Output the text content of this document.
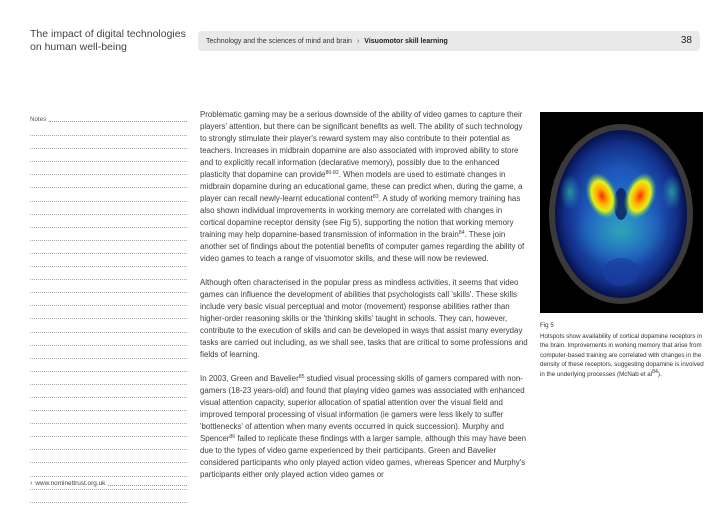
The impact of digital technologies on human well-being	Technology and the sciences of mind and brain › Visuomotor skill learning	38
Notes
› www.nominettrust.org.uk

Problematic gaming may be a serious downside of the ability of video games to capture their players' attention, but there can be significant benefits as well. The ability of such technology to strongly stimulate their player's reward system may also contribute to their potential as teachers. Increases in midbrain dopamine are also associated with improved ability to store and to explicitly recall information (declarative memory), possibly due to the enhanced plasticity that dopamine can provide$^{80-82}$. When models are used to estimate changes in midbrain dopamine during an educational game, these can predict when, during the game, a player can recall newly-learnt educational content$^{83}$. A study of working memory training has also shown individual improvements in working memory are correlated with changes in cortical dopamine receptor density (see Fig 5), supporting the notion that working memory training may help dopamine-based transmission of information in the brain$^{84}$. These join another set of findings about the potential benefits of computer games regarding the ability of video games to teach a range of visuomotor skills, and these will now be reviewed.

Although often characterised in the popular press as mindless activities, it seems that video games can influence the development of abilities that psychologists call 'skills'. These skills include very basic visual perceptual and motor (movement) response abilities rather than higher-order reasoning skills or the 'thinking skills' taught in schools. They can, however, contribute to the execution of skills and can be developed in ways that assist many everyday tasks are carried out including, as we shall see, tasks that are critical to some professions and fields of learning.

In 2003, Green and Bavelier$^{85}$ studied visual processing skills of gamers compared with non-gamers (18-23 years-old) and found that playing video games was associated with enhanced visual attention capacity, superior allocation of spatial attention over the visual field and improved temporal processing of visual information (ie gamers were less likely to suffer 'bottlenecks' of attention when many events occurred in quick succession). Murphy and Spencer$^{86}$ failed to replicate these findings with a larger sample, although this may have been due to the types of video game experienced by their participants. Green and Bavelier considered participants who only played action video games, whereas Spencer and Murphy's participants either only played action video games or

Fig 5
Hotspots show availability of cortical dopamine receptors in the brain. Improvements in working memory that arise from computer-based training are correlated with changes in the density of these receptors, suggesting dopamine is involved in the underlying processes (McNab et $al^{84}$).
